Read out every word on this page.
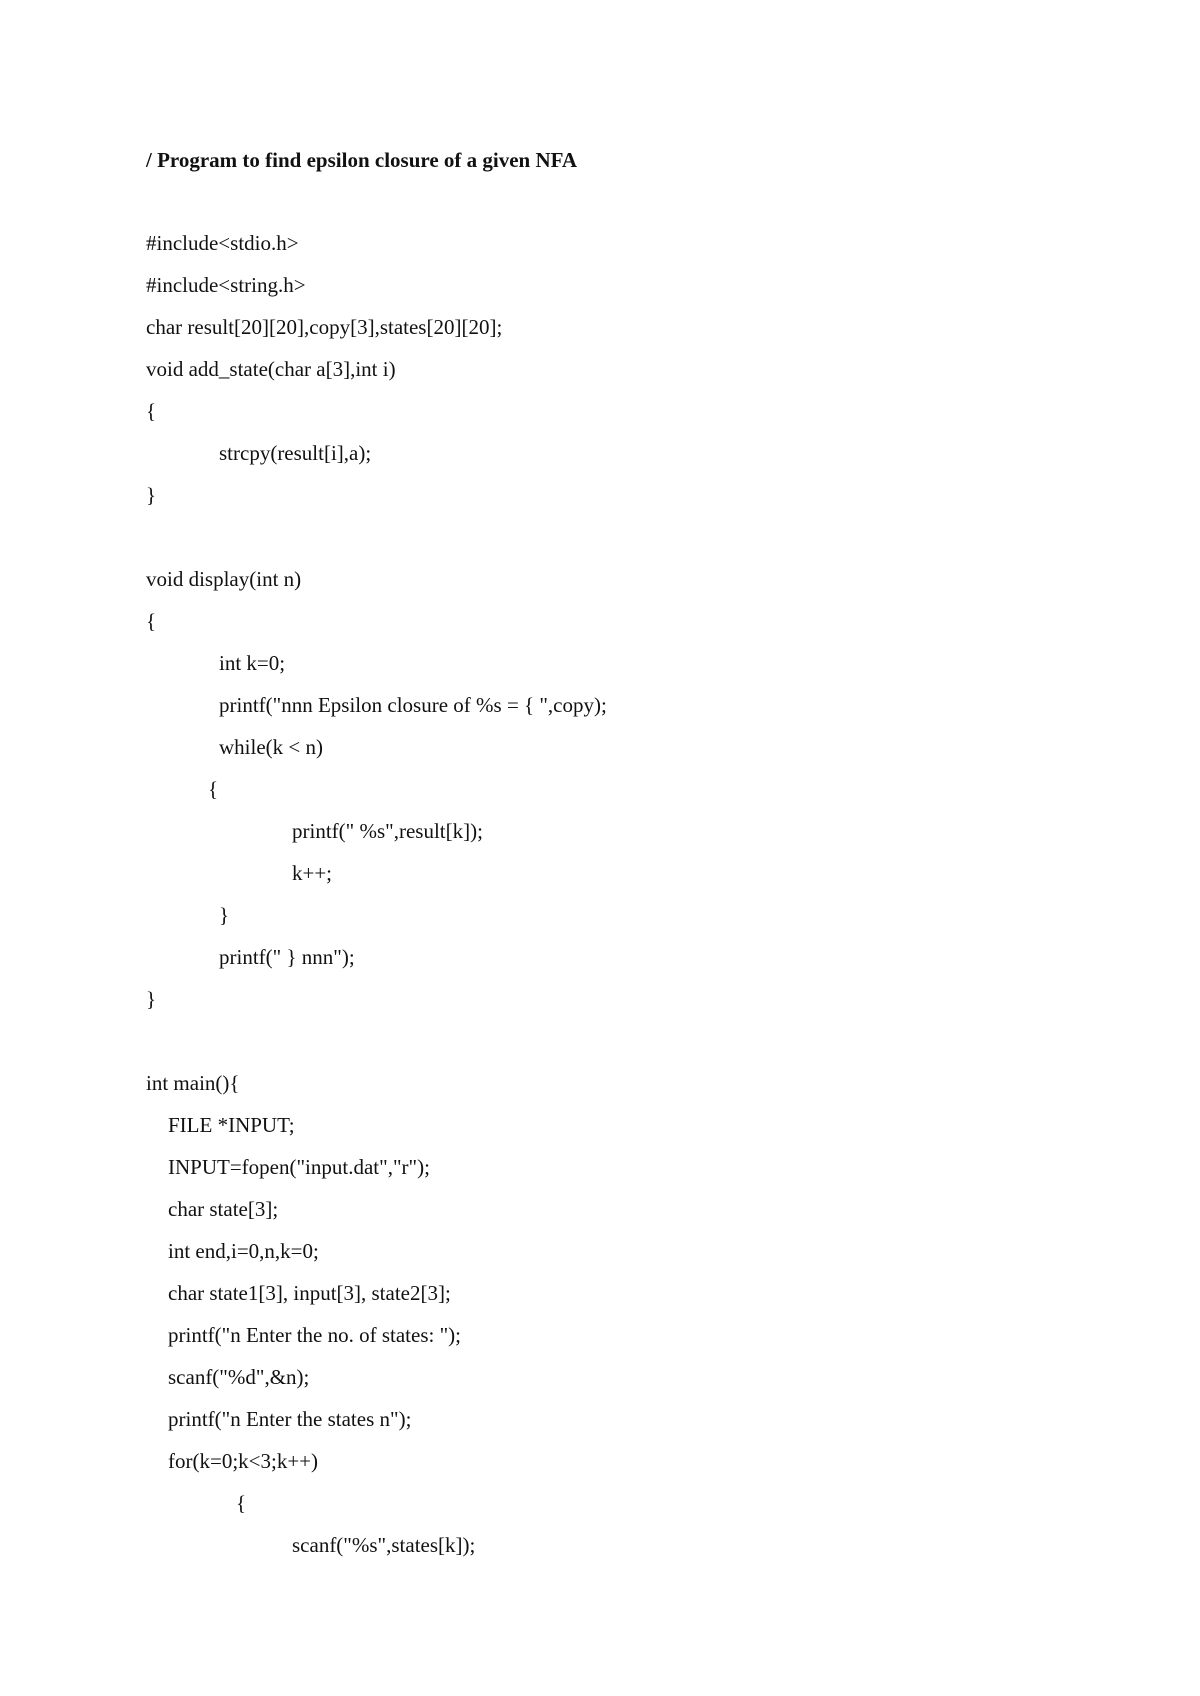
/ Program to find epsilon closure of a given NFA
#include<stdio.h>
#include<string.h>
char result[20][20],copy[3],states[20][20];
void add_state(char a[3],int i)
{
strcpy(result[i],a);
}
void display(int n)
{
int k=0;
printf("nnn Epsilon closure of %s = { ",copy);
while(k < n)
{
printf(" %s",result[k]);
k++;
}
printf(" } nnn");
}
int main(){
FILE *INPUT;
INPUT=fopen("input.dat","r");
char state[3];
int end,i=0,n,k=0;
char state1[3], input[3], state2[3];
printf("n Enter the no. of states: ");
scanf("%d",&n);
printf("n Enter the states n");
for(k=0;k<3;k++)
{
scanf("%s",states[k]);
